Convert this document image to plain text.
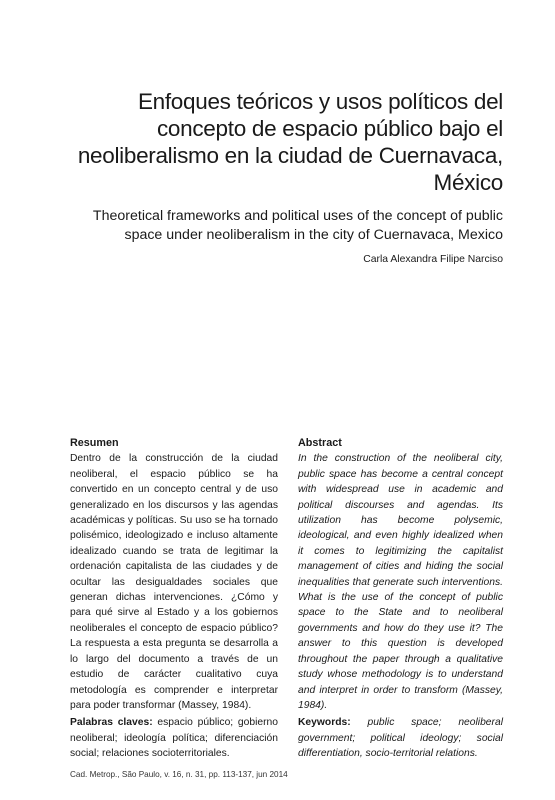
Enfoques teóricos y usos políticos del concepto de espacio público bajo el neoliberalismo en la ciudad de Cuernavaca, México

Theoretical frameworks and political uses of the concept of public space under neoliberalism in the city of Cuernavaca, Mexico

Carla Alexandra Filipe Narciso

Resumen

Dentro de la construcción de la ciudad neoliberal, el espacio público se ha convertido en un concepto central y de uso generalizado en los discursos y las agendas académicas y políticas. Su uso se ha tornado polisémico, ideologizado e incluso altamente idealizado cuando se trata de legitimar la ordenación capitalista de las ciudades y de ocultar las desigualdades sociales que generan dichas intervenciones. ¿Cómo y para qué sirve al Estado y a los gobiernos neoliberales el concepto de espacio público? La respuesta a esta pregunta se desarrolla a lo largo del documento a través de un estudio de carácter cualitativo cuya metodología es comprender e interpretar para poder transformar (Massey, 1984).

Palabras claves: espacio público; gobierno neoliberal; ideología política; diferenciación social; relaciones socioterritoriales.

Abstract

In the construction of the neoliberal city, public space has become a central concept with widespread use in academic and political discourses and agendas. Its utilization has become polysemic, ideological, and even highly idealized when it comes to legitimizing the capitalist management of cities and hiding the social inequalities that generate such interventions. What is the use of the concept of public space to the State and to neoliberal governments and how do they use it? The answer to this question is developed throughout the paper through a qualitative study whose methodology is to understand and interpret in order to transform (Massey, 1984).

Keywords: public space; neoliberal government; political ideology; social differentiation, socio-territorial relations.

Cad. Metrop., São Paulo, v. 16, n. 31, pp. 113-137, jun 2014
